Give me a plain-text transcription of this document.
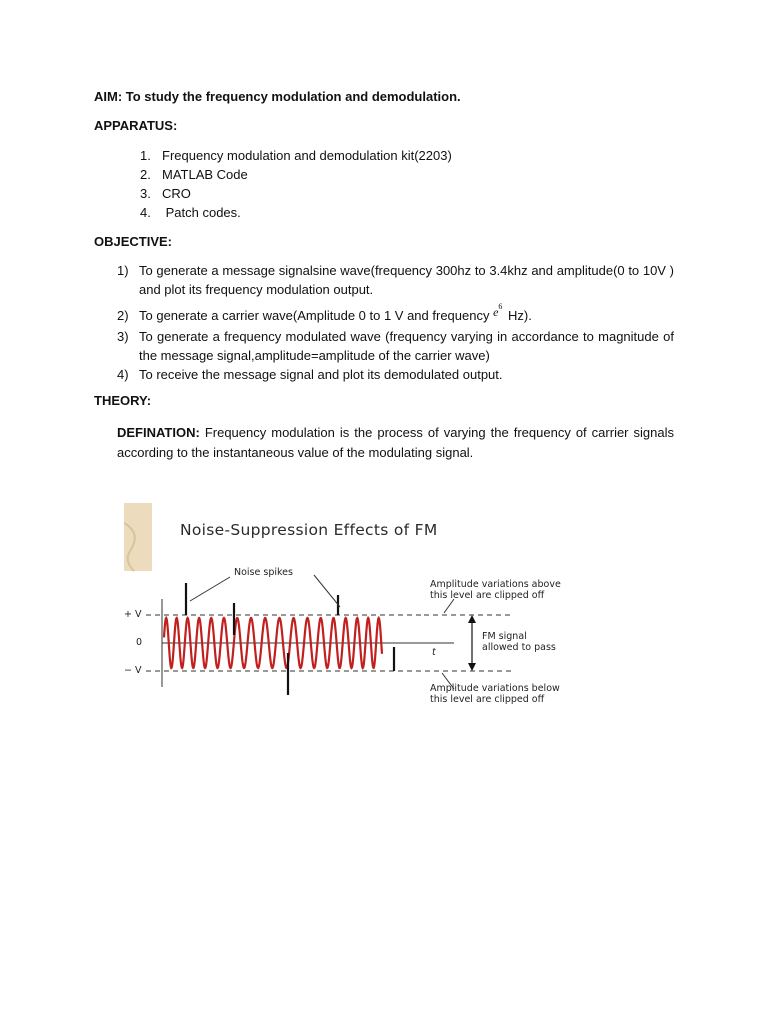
AIM: To study the frequency modulation and demodulation.
APPARATUS:
1. Frequency modulation and demodulation kit(2203)
2. MATLAB Code
3. CRO
4. Patch codes.
OBJECTIVE:
1) To generate a message signalsine wave(frequency 300hz to 3.4khz and amplitude(0 to 10V ) and plot its frequency modulation output.
2) To generate a carrier wave(Amplitude 0 to 1 V and frequency $e^6$ Hz).
3) To generate a frequency modulated wave (frequency varying in accordance to magnitude of the message signal,amplitude=amplitude of the carrier wave)
4) To receive the message signal and plot its demodulated output.
THEORY:
DEFINATION: Frequency modulation is the process of varying the frequency of carrier signals according to the instantaneous value of the modulating signal.
Noise-Suppression Effects of FM
Noise spikes
Amplitude variations above
this level are clipped off
FM signal
allowed to pass
Amplitude variations below
this level are clipped off
+ V
0
− V
t
